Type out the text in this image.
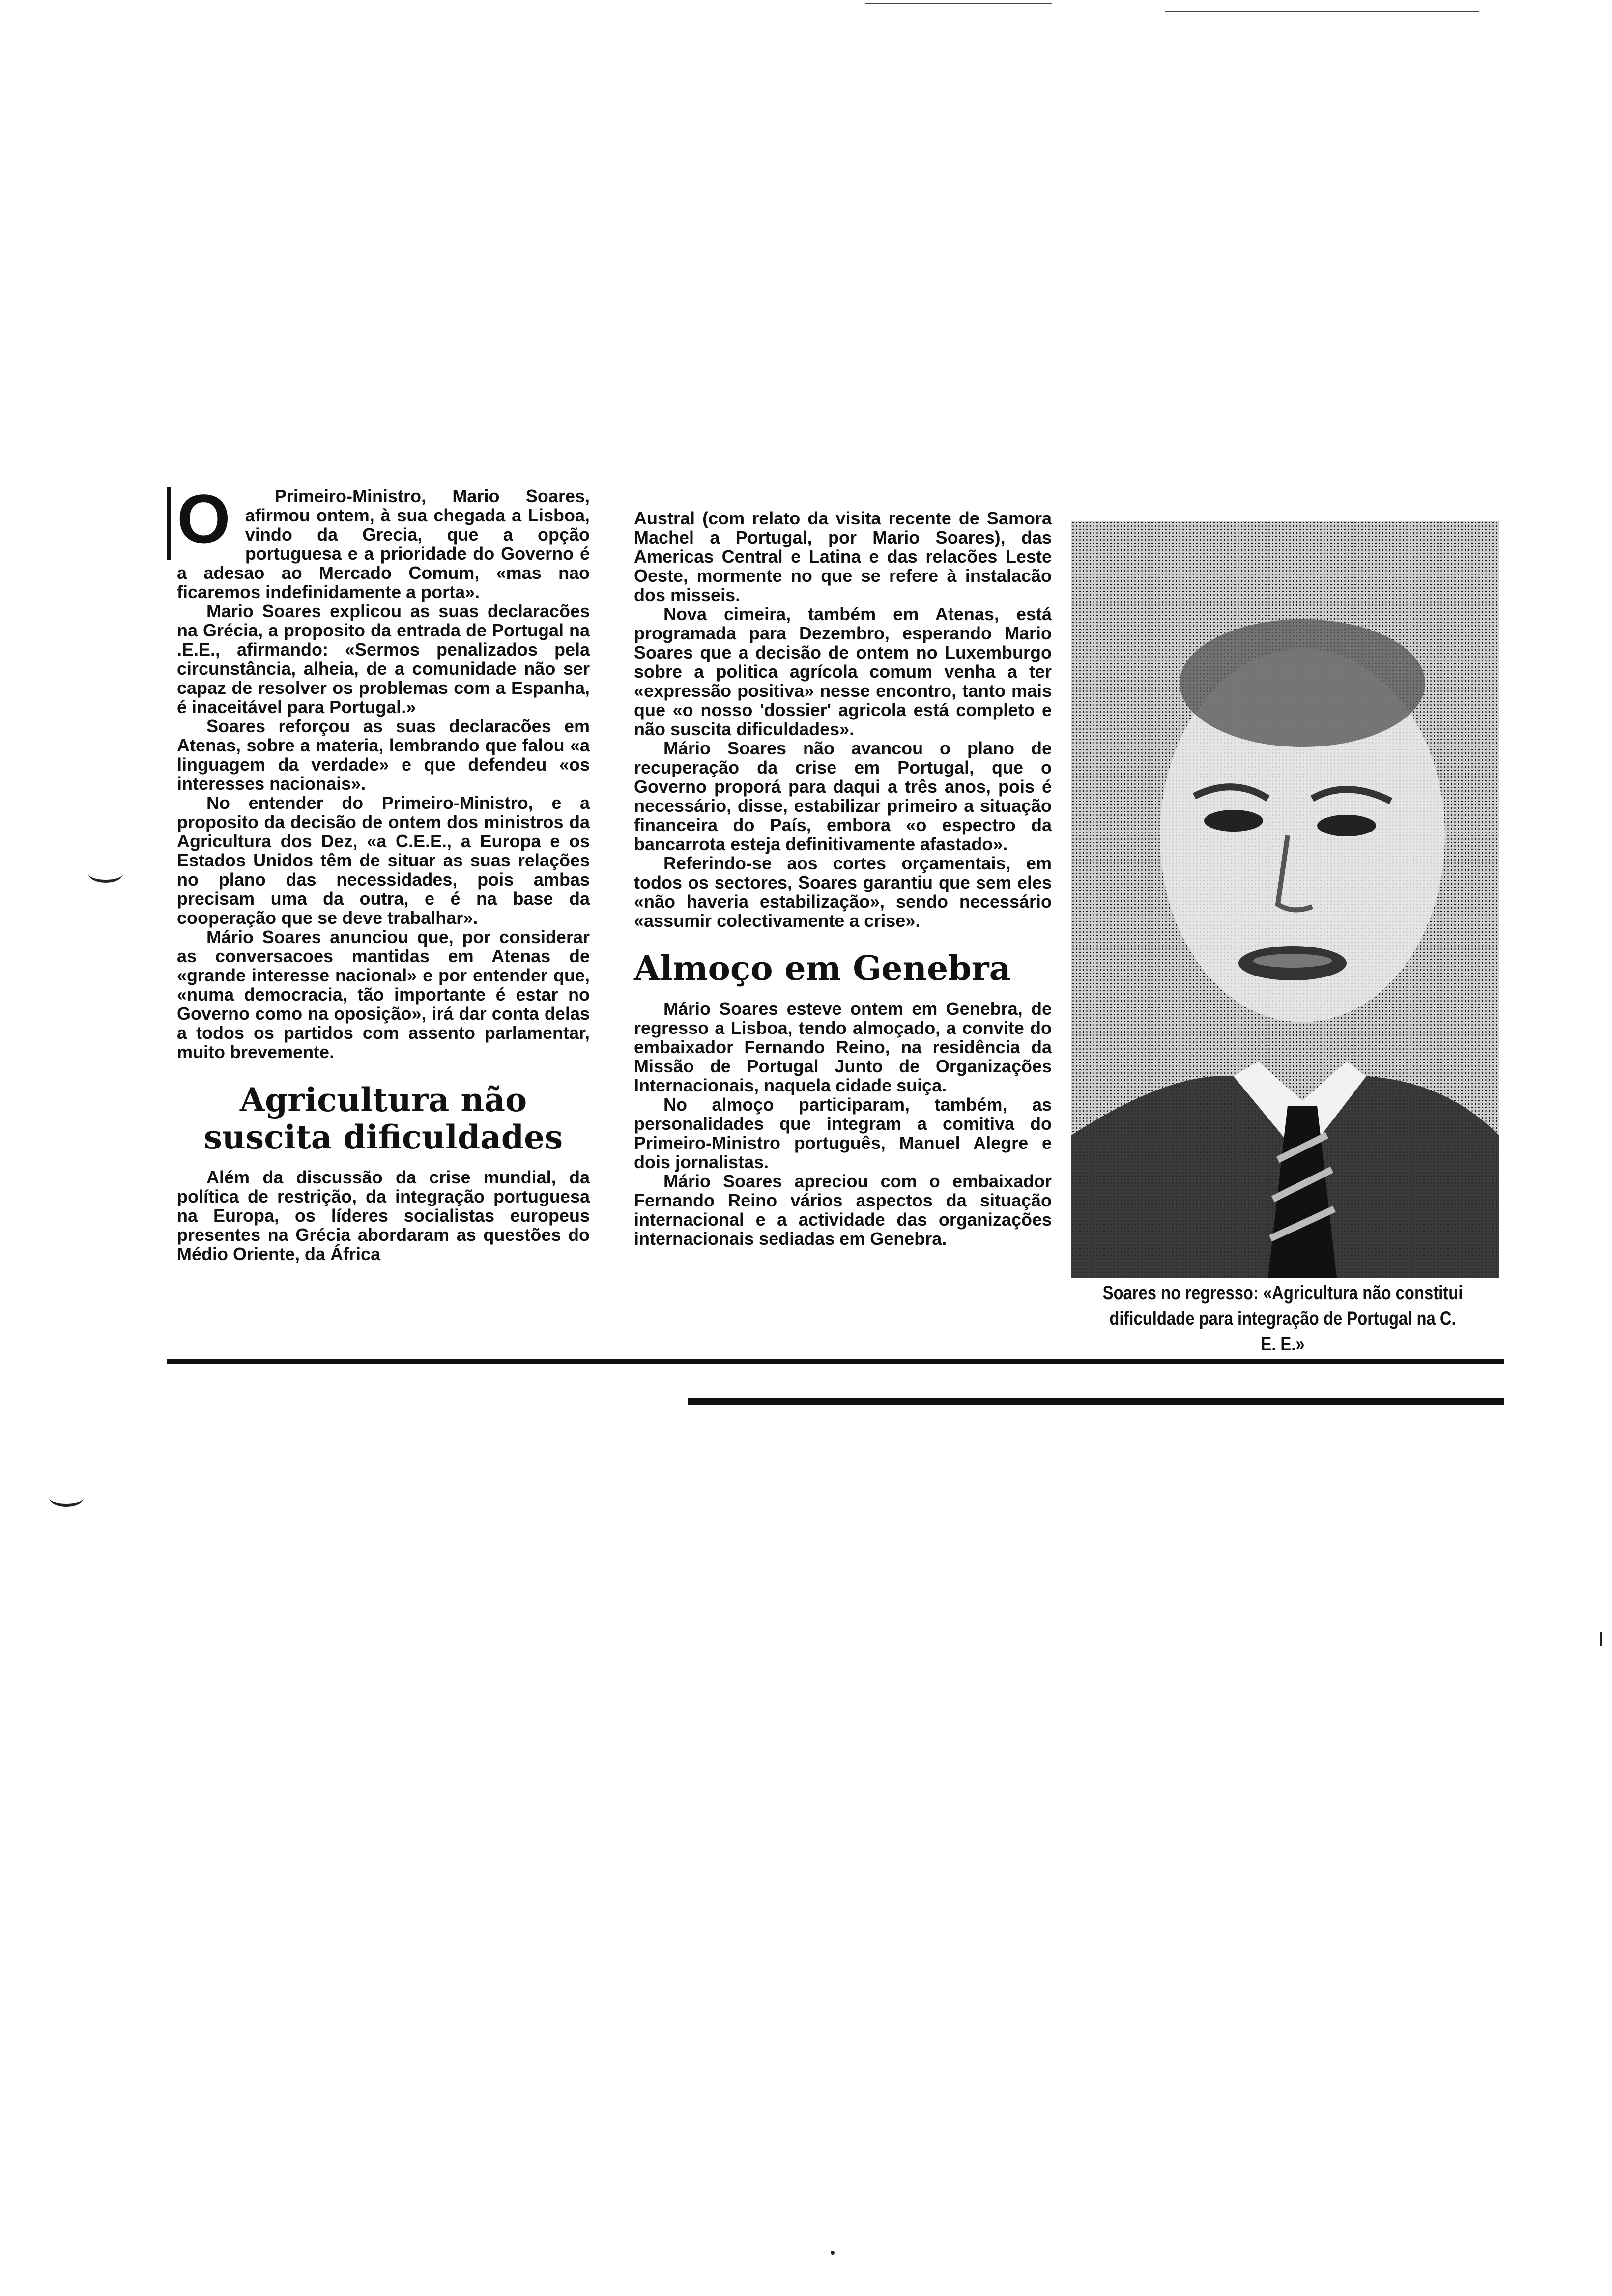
O	Primeiro-Ministro, Mario Soares, afirmou ontem, à sua chegada a Lisboa, vindo da Grecia, que a opção portuguesa e a prioridade do Governo é a adesao ao Mercado Comum, «mas nao ficaremos indefinidamente a porta».

Mario Soares explicou as suas declaracões na Grécia, a proposito da entrada de Portugal na .E.E., afirmando: «Sermos penalizados pela circunstância, alheia, de a comunidade não ser capaz de resolver os problemas com a Espanha, é inaceitável para Portugal.»

Soares reforçou as suas declaracões em Atenas, sobre a materia, lembrando que falou «a linguagem da verdade» e que defendeu «os interesses nacionais».

No entender do Primeiro-Ministro, e a proposito da decisão de ontem dos ministros da Agricultura dos Dez, «a C.E.E., a Europa e os Estados Unidos têm de situar as suas relações no plano das necessidades, pois ambas precisam uma da outra, e é na base da cooperação que se deve trabalhar».

Mário Soares anunciou que, por considerar as conversacoes mantidas em Atenas de «grande interesse nacional» e por entender que, «numa democracia, tão importante é estar no Governo como na oposição», irá dar conta delas a todos os partidos com assento parlamentar, muito brevemente.

Agricultura não suscita dificuldades

Além da discussão da crise mundial, da política de restrição, da integração portuguesa na Europa, os líderes socialistas europeus presentes na Grécia abordaram as questões do Médio Oriente, da África

Austral (com relato da visita recente de Samora Machel a Portugal, por Mario Soares), das Americas Central e Latina e das relacões Leste Oeste, mormente no que se refere à instalacão dos misseis.

Nova cimeira, também em Atenas, está programada para Dezembro, esperando Mario Soares que a decisão de ontem no Luxemburgo sobre a politica agrícola comum venha a ter «expressão positiva» nesse encontro, tanto mais que «o nosso 'dossier' agricola está completo e não suscita dificuldades».

Mário Soares não avancou o plano de recuperação da crise em Portugal, que o Governo proporá para daqui a três anos, pois é necessário, disse, estabilizar primeiro a situação financeira do País, embora «o espectro da bancarrota esteja definitivamente afastado».

Referindo-se aos cortes orçamentais, em todos os sectores, Soares garantiu que sem eles «não haveria estabilização», sendo necessário «assumir colectivamente a crise».

Almoço em Genebra

Mário Soares esteve ontem em Genebra, de regresso a Lisboa, tendo almoçado, a convite do embaixador Fernando Reino, na residência da Missão de Portugal Junto de Organizações Internacionais, naquela cidade suiça.

No almoço participaram, também, as personalidades que integram a comitiva do Primeiro-Ministro português, Manuel Alegre e dois jornalistas.

Mário Soares apreciou com o embaixador Fernando Reino vários aspectos da situação internacional e a actividade das organizações internacionais sediadas em Genebra.

Soares no regresso: «Agricultura não constitui dificuldade para integração de Portugal na C. E. E.»
